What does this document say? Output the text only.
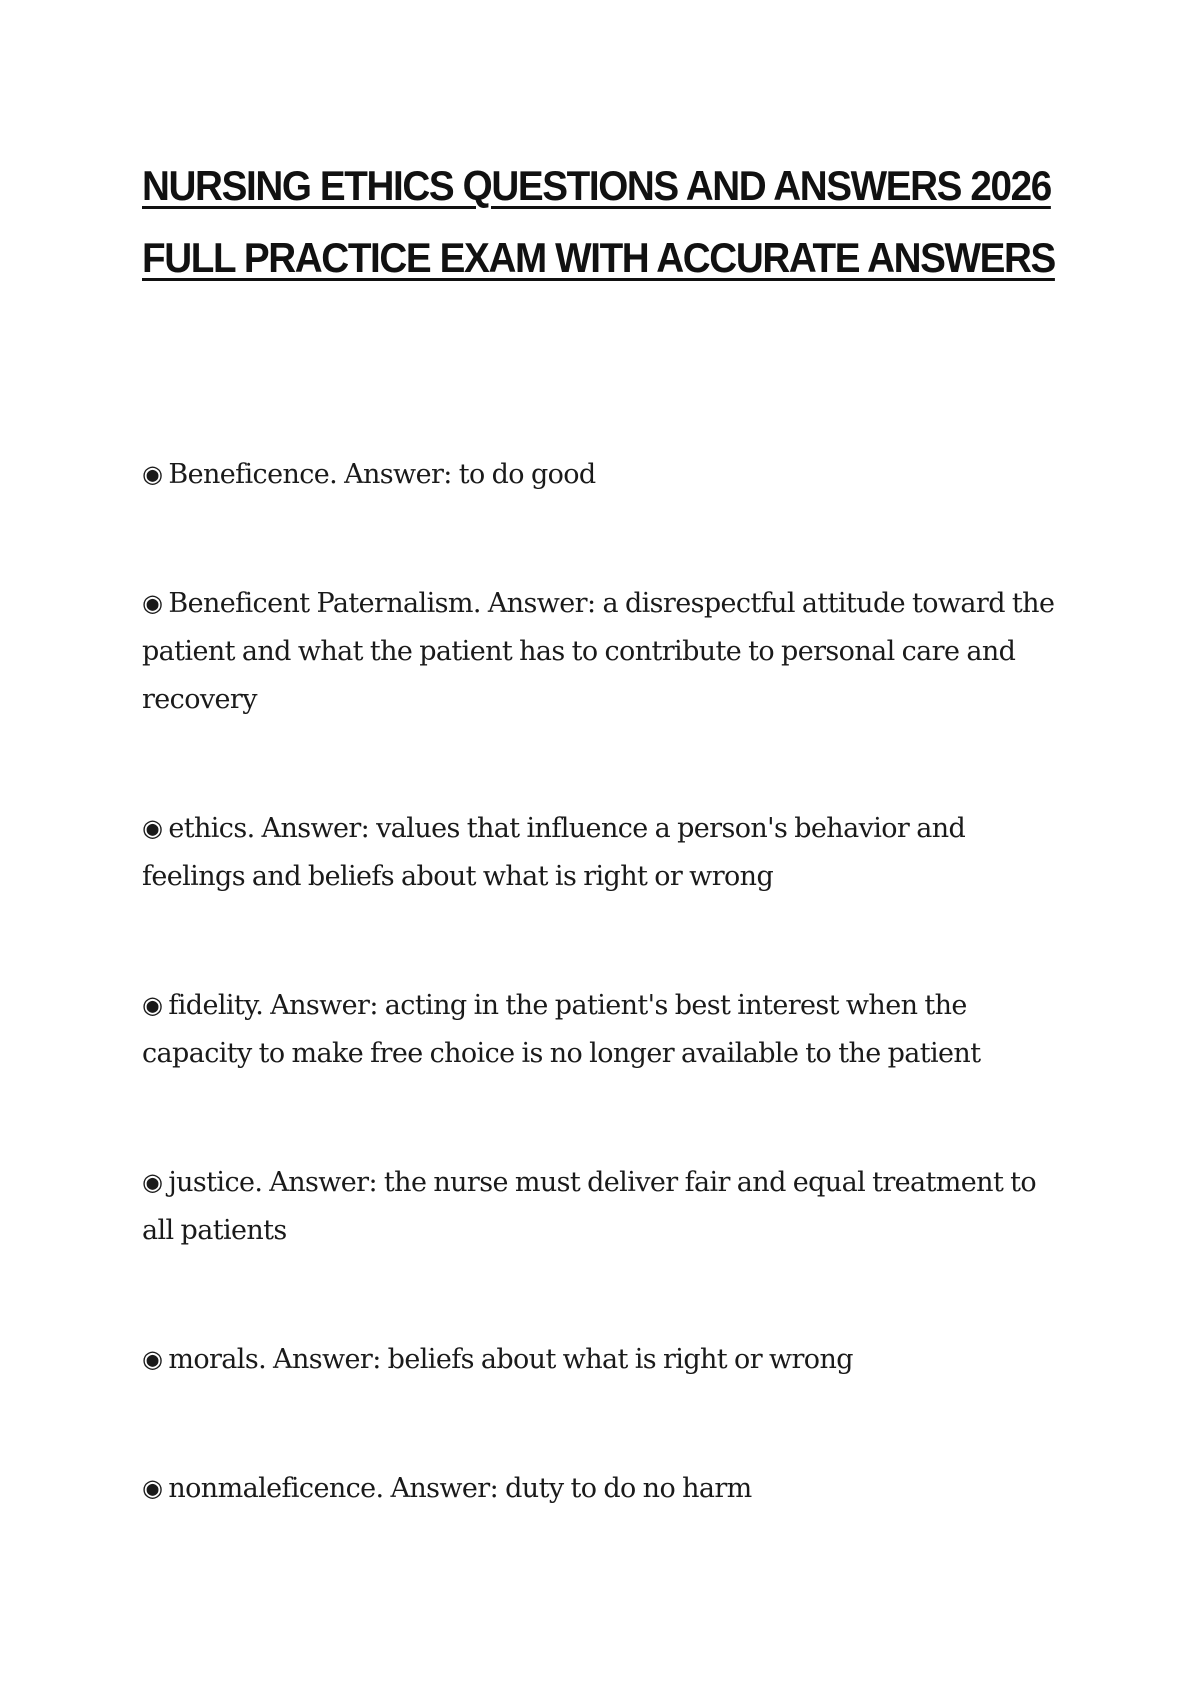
NURSING ETHICS QUESTIONS AND ANSWERS 2026 FULL PRACTICE EXAM WITH ACCURATE ANSWERS
◉ Beneficence. Answer: to do good
◉ Beneficent Paternalism. Answer: a disrespectful attitude toward the patient and what the patient has to contribute to personal care and recovery
◉ ethics. Answer: values that influence a person's behavior and feelings and beliefs about what is right or wrong
◉ fidelity. Answer: acting in the patient's best interest when the capacity to make free choice is no longer available to the patient
◉ justice. Answer: the nurse must deliver fair and equal treatment to all patients
◉ morals. Answer: beliefs about what is right or wrong
◉ nonmaleficence. Answer: duty to do no harm
